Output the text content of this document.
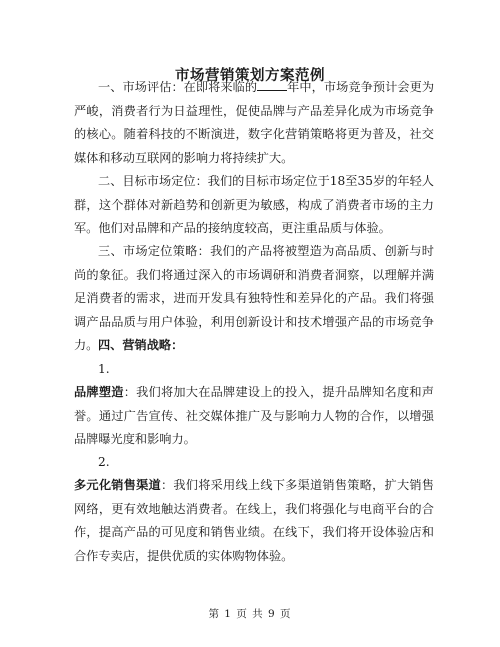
市场营销策划方案范例

一、市场评估：在即将来临的 年中，市场竞争预计会更为严峻，消费者行为日益理性，促使品牌与产品差异化成为市场竞争的核心。随着科技的不断演进，数字化营销策略将更为普及，社交媒体和移动互联网的影响力将持续扩大。

二、目标市场定位：我们的目标市场定位于18至35岁的年轻人群，这个群体对新趋势和创新更为敏感，构成了消费者市场的主力军。他们对品牌和产品的接纳度较高，更注重品质与体验。

三、市场定位策略：我们的产品将被塑造为高品质、创新与时尚的象征。我们将通过深入的市场调研和消费者洞察，以理解并满足消费者的需求，进而开发具有独特性和差异化的产品。我们将强调产品品质与用户体验，利用创新设计和技术增强产品的市场竞争力。 四、营销战略：

1.

品牌塑造：我们将加大在品牌建设上的投入，提升品牌知名度和声誉。通过广告宣传、社交媒体推广及与影响力人物的合作，以增强品牌曝光度和影响力。

2.

多元化销售渠道：我们将采用线上线下多渠道销售策略，扩大销售网络，更有效地触达消费者。在线上，我们将强化与电商平台的合作，提高产品的可见度和销售业绩。在线下，我们将开设体验店和合作专卖店，提供优质的实体购物体验。

第 1 页 共 9 页
